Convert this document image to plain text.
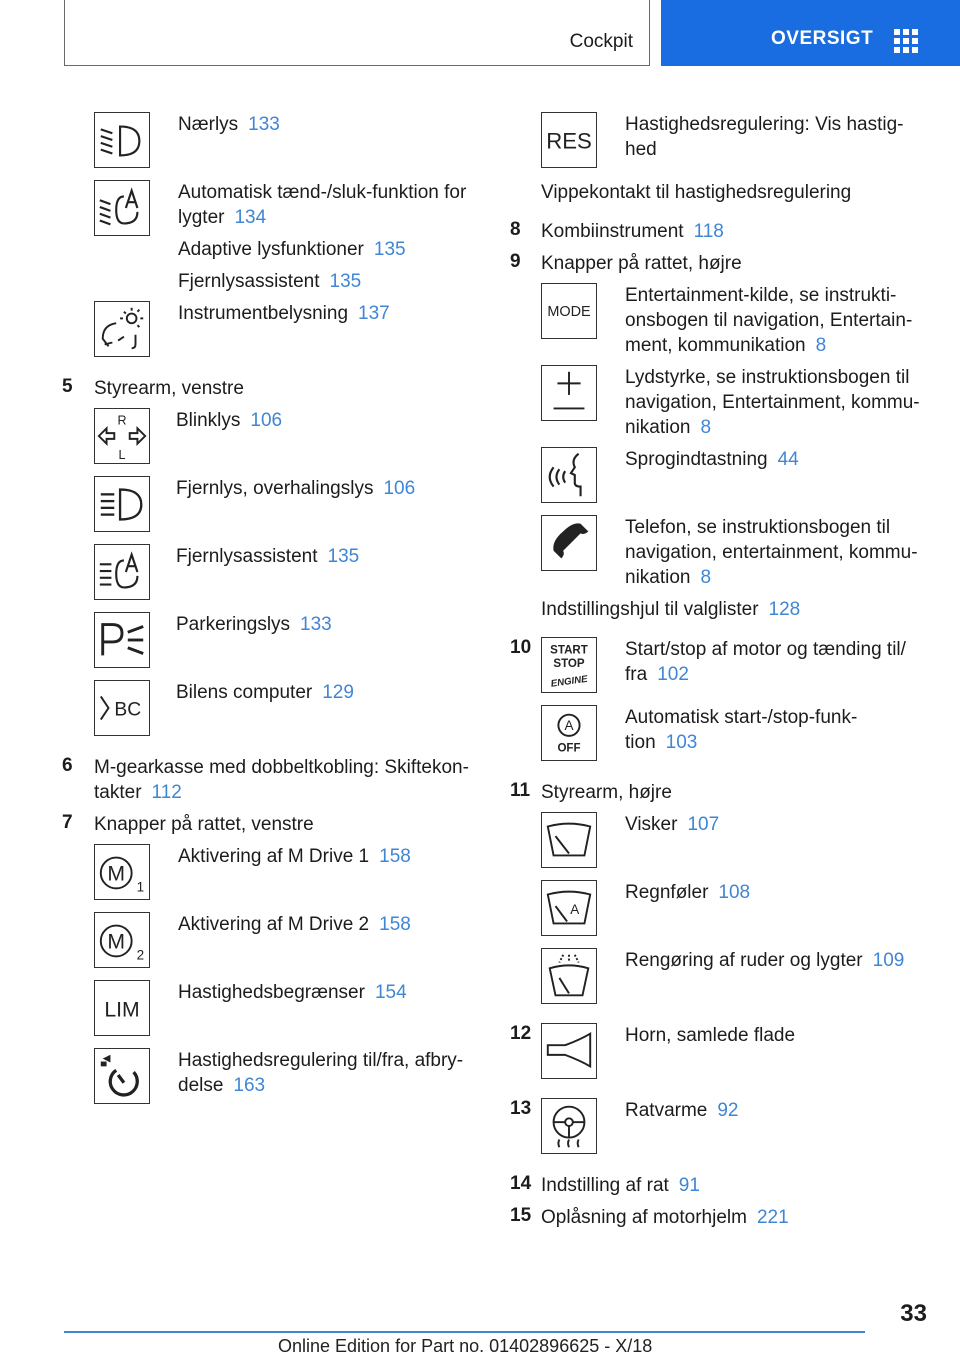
Cockpit	OVERSIGT
Nærlys 133
Automatisk tænd-/sluk-funktion for
lygter 134
Adaptive lysfunktioner 135
Fjernlysassistent 135
Instrumentbelysning 137
5	Styrearm, venstre
R
L
Blinklys 106
Fjernlys, overhalingslys 106
Fjernlysassistent 135
Parkeringslys 133
BC
Bilens computer 129
6	M-gearkasse med dobbeltkobling: Skiftekon-
takter 112
7	Knapper på rattet, venstre
M
1
Aktivering af M Drive 1 158
M
2
Aktivering af M Drive 2 158
LIM
Hastighedsbegrænser 154
Hastighedsregulering til/fra, afbry-
delse 163
RES
Hastighedsregulering: Vis hastig-
hed
Vippekontakt til hastighedsregulering
8	Kombiinstrument 118
9	Knapper på rattet, højre
MODE
Entertainment-kilde, se instrukti-
onsbogen til navigation, Entertain-
ment, kommunikation 8
Lydstyrke, se instruktionsbogen til
navigation, Entertainment, kommu-
nikation 8
Sprogindtastning 44
Telefon, se instruktionsbogen til
navigation, entertainment, kommu-
nikation 8
Indstillingshjul til valglister 128
10	START
STOP
ENGINE
Start/stop af motor og tænding til/
fra 102
A
OFF
Automatisk start-/stop-funk-
tion 103
11 Styrearm, højre
Visker 107
A
Regnføler 108
Rengøring af ruder og lygter 109
12	Horn, samlede flade
13	Ratvarme 92
14 Indstilling af rat 91
15 Oplåsning af motorhjelm 221
33
Online Edition for Part no. 01402896625 - X/18
